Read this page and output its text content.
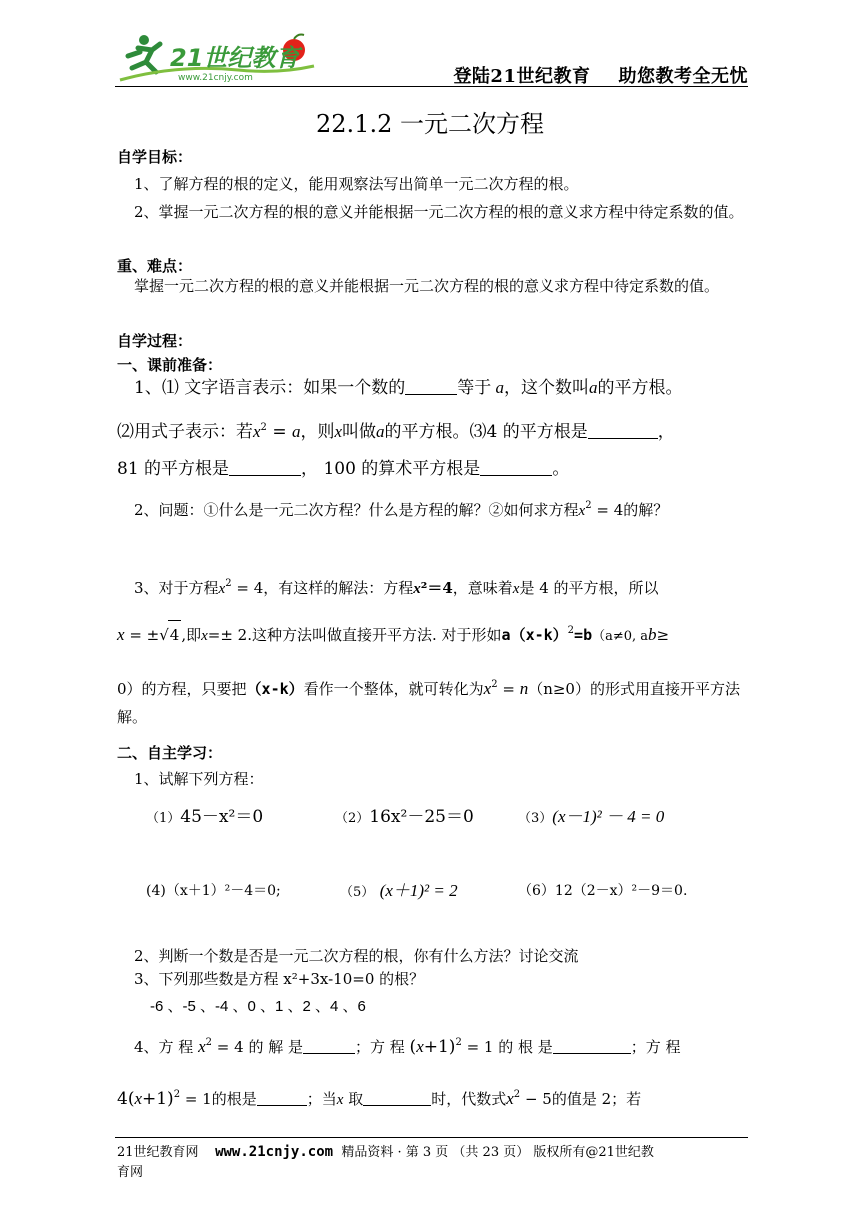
21世纪教育
www.21cnjy.com	登陆21世纪教育 助您教考全无忧
22.1.2 一元二次方程
自学目标：
1、了解方程的根的定义，能用观察法写出简单一元二次方程的根。
2、掌握一元二次方程的根的意义并能根据一元二次方程的根的意义求方程中待定系数的值。
重、难点：
掌握一元二次方程的根的意义并能根据一元二次方程的根的意义求方程中待定系数的值。
自学过程：
一、课前准备：
1、⑴ 文字语言表示：如果一个数的	等于 a，这个数叫a的平方根。
⑵用式子表示：若$x^2 = a$，则x叫做a的平方根。⑶4 的平方根是	，
81 的平方根是	， 100 的算术平方根是	。
2、问题：①什么是一元二次方程？什么是方程的解？②如何求方程$x^2 = 4$的解？
3、对于方程$x^2 = 4$，有这样的解法：方程x²＝4，意味着x是 4 的平方根，所以
x = ±√4 ,即x=± 2.这种方法叫做直接开平方法. 对于形如$a(x-k)^2=b(a\ne 0$, ab≥
0）的方程，只要把（x-k）看作一个整体，就可转化为$x^2 = n(n\ge 0)$的形式用直接开平方法解。
二、自主学习：
1、试解下列方程：
（1）45－x²＝0	（2）16x²－25＝0	（3）(x－1)² － 4 = 0
(4)（x＋1）²－4＝0;	（5） (x＋1)² = 2	（6）12（2－x）²－9＝0.
2、判断一个数是否是一元二次方程的根，你有什么方法？讨论交流
3、下列那些数是方程 x²+3x-10=0 的根？
-6 、-5 、-4 、0 、1 、2 、4 、6
4、方 程 $x^2 = 4$ 的 解 是	；方 程 $(x+1)^2 = 1$ 的 根 是	；方 程
$4(x+1)^2 = 1$的根是	；当x 取	时，代数式$x^2 - 5$的值是 2；若
21世纪教育网 www.21cnjy.com 精品资料 · 第 3 页 （共 23 页） 版权所有@21世纪教
育网
